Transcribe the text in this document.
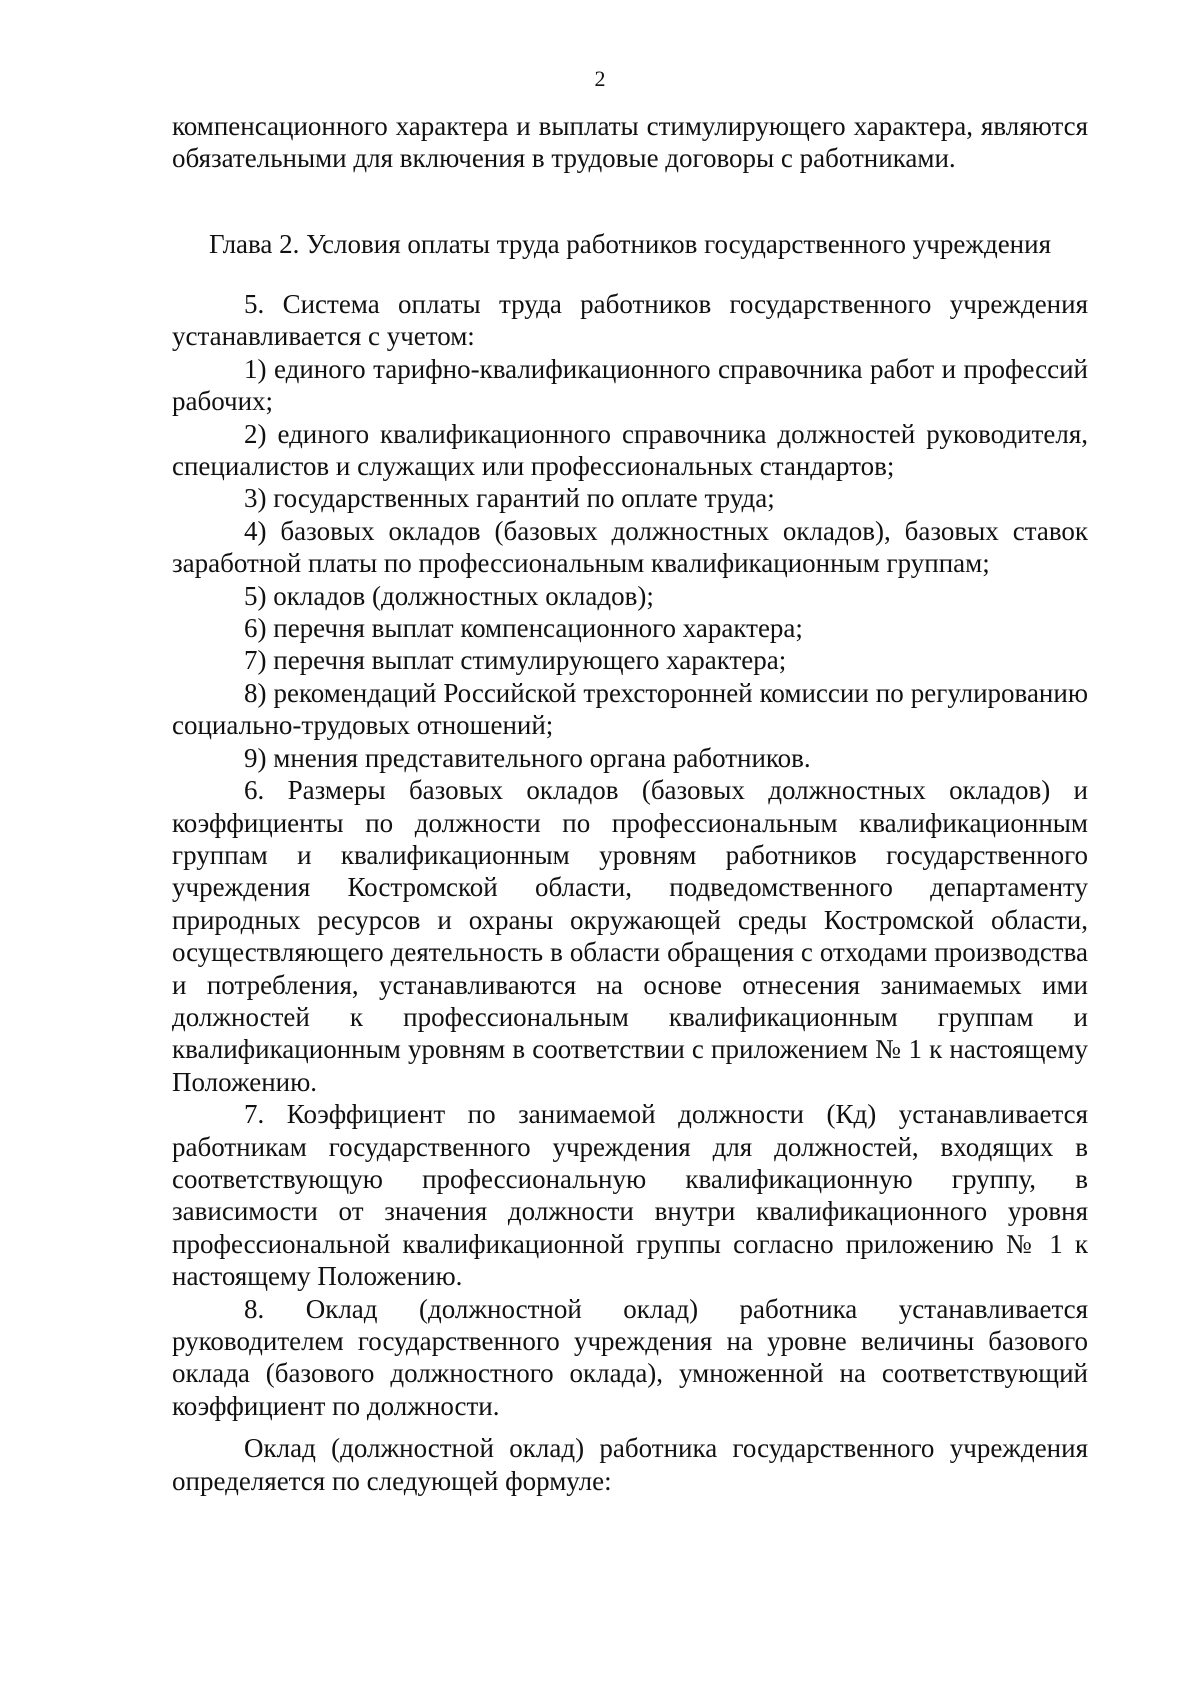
2

компенсационного характера и выплаты стимулирующего характера, являются обязательными для включения в трудовые договоры с работниками.

Глава 2. Условия оплаты труда работников государственного учреждения

5. Система оплаты труда работников государственного учреждения устанавливается с учетом:

1) единого тарифно-квалификационного справочника работ и профессий рабочих;

2) единого квалификационного справочника должностей руководителя, специалистов и служащих или профессиональных стандартов;

3) государственных гарантий по оплате труда;

4) базовых окладов (базовых должностных окладов), базовых ставок заработной платы по профессиональным квалификационным группам;

5) окладов (должностных окладов);

6) перечня выплат компенсационного характера;

7) перечня выплат стимулирующего характера;

8) рекомендаций Российской трехсторонней комиссии по регулированию социально-трудовых отношений;

9) мнения представительного органа работников.

6. Размеры базовых окладов (базовых должностных окладов) и коэффициенты по должности по профессиональным квалификационным группам и квалификационным уровням работников государственного учреждения Костромской области, подведомственного департаменту природных ресурсов и охраны окружающей среды Костромской области, осуществляющего деятельность в области обращения с отходами производства и потребления, устанавливаются на основе отнесения занимаемых ими должностей к профессиональным квалификационным группам и квалификационным уровням в соответствии с приложением № 1 к настоящему Положению.

7. Коэффициент по занимаемой должности (Кд) устанавливается работникам государственного учреждения для должностей, входящих в соответствующую профессиональную квалификационную группу, в зависимости от значения должности внутри квалификационного уровня профессиональной квалификационной группы согласно приложению № 1 к настоящему Положению.

8. Оклад (должностной оклад) работника устанавливается руководителем государственного учреждения на уровне величины базового оклада (базового должностного оклада), умноженной на соответствующий коэффициент по должности.

Оклад (должностной оклад) работника государственного учреждения определяется по следующей формуле:
